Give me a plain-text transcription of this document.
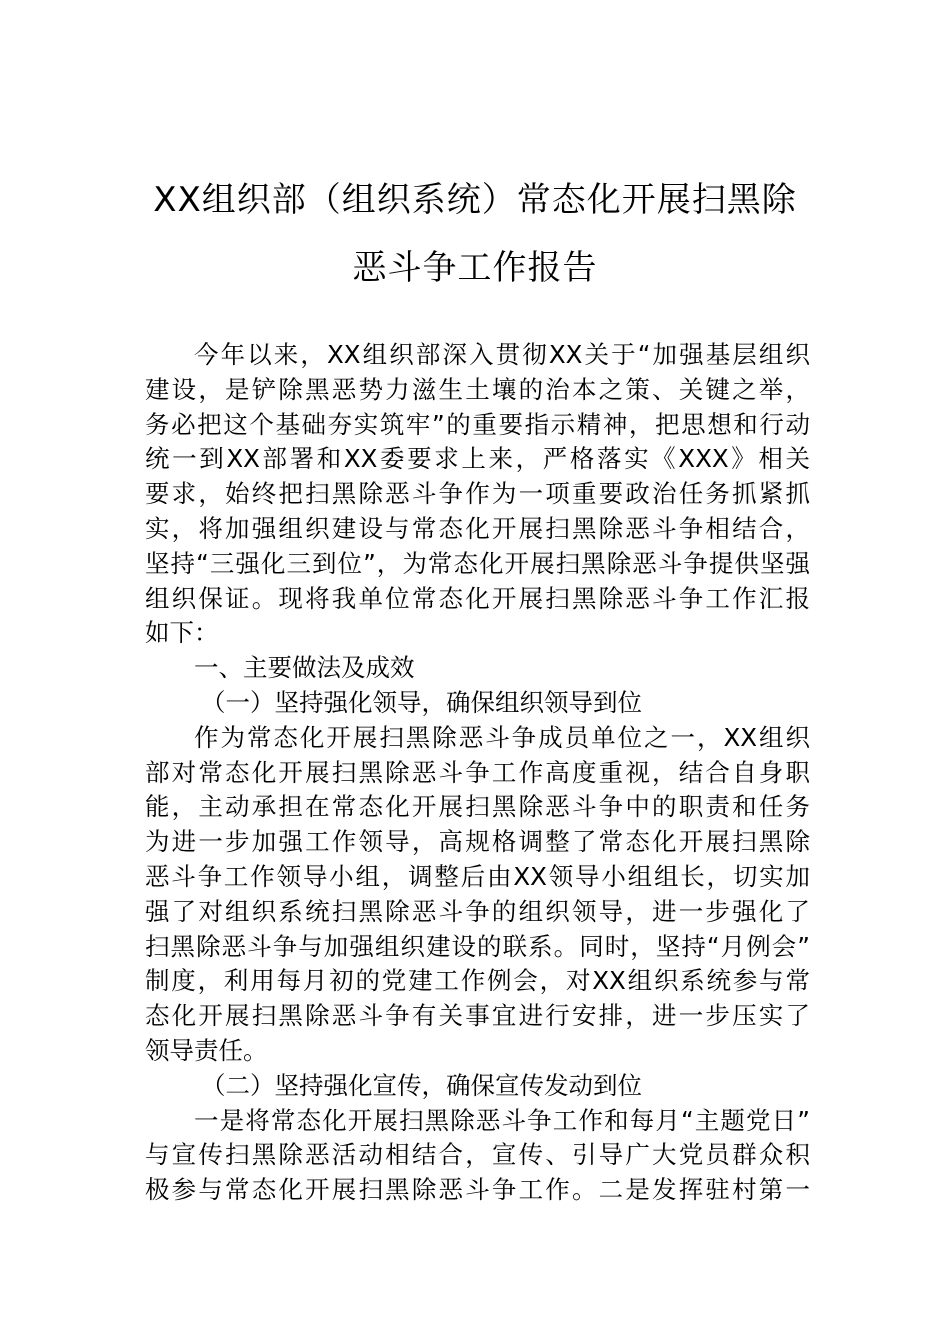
XX组织部（组织系统）常态化开展扫黑除
恶斗争工作报告
今年以来，XX组织部深入贯彻XX关于“加强基层组织
建设，是铲除黑恶势力滋生土壤的治本之策、关键之举，
务必把这个基础夯实筑牢”的重要指示精神，把思想和行动
统一到XX部署和XX委要求上来，严格落实《XXX》相关
要求，始终把扫黑除恶斗争作为一项重要政治任务抓紧抓
实，将加强组织建设与常态化开展扫黑除恶斗争相结合，
坚持“三强化三到位”，为常态化开展扫黑除恶斗争提供坚强
组织保证。现将我单位常态化开展扫黑除恶斗争工作汇报
如下：
一、主要做法及成效
（一）坚持强化领导，确保组织领导到位
作为常态化开展扫黑除恶斗争成员单位之一，XX组织
部对常态化开展扫黑除恶斗争工作高度重视，结合自身职
能，主动承担在常态化开展扫黑除恶斗争中的职责和任务
为进一步加强工作领导，高规格调整了常态化开展扫黑除
恶斗争工作领导小组，调整后由XX领导小组组长，切实加
强了对组织系统扫黑除恶斗争的组织领导，进一步强化了
扫黑除恶斗争与加强组织建设的联系。同时，坚持“月例会”
制度，利用每月初的党建工作例会，对XX组织系统参与常
态化开展扫黑除恶斗争有关事宜进行安排，进一步压实了
领导责任。
（二）坚持强化宣传，确保宣传发动到位
一是将常态化开展扫黑除恶斗争工作和每月“主题党日”
与宣传扫黑除恶活动相结合，宣传、引导广大党员群众积
极参与常态化开展扫黑除恶斗争工作。二是发挥驻村第一
